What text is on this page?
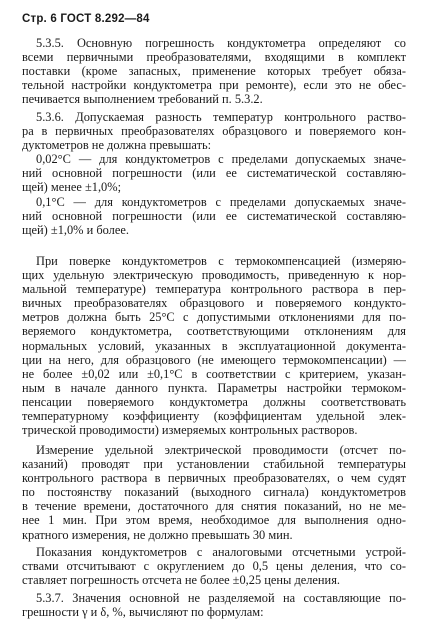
Стр. 6 ГОСТ 8.292—84
5.3.5. Основную погрешность кондуктометра определяют со
всеми первичными преобразователями, входящими в комплект
поставки (кроме запасных, применение которых требует обяза-
тельной настройки кондуктометра при ремонте), если это не обес-
печивается выполнением требований п. 5.3.2.
5.3.6. Допускаемая разность температур контрольного раство-
ра в первичных преобразователях образцового и поверяемого кон-
дуктометров не должна превышать:
0,02°С — для кондуктометров с пределами допускаемых значе-
ний основной погрешности (или ее систематической составляю-
щей) менее ±1,0%;
0,1°С — для кондуктометров с пределами допускаемых значе-
ний основной погрешности (или ее систематической составляю-
щей) ±1,0% и более.
При поверке кондуктометров с термокомпенсацией (измеряю-
щих удельную электрическую проводимость, приведенную к нор-
мальной температуре) температура контрольного раствора в пер-
вичных преобразователях образцового и поверяемого кондукто-
метров должна быть 25°С с допустимыми отклонениями для по-
веряемого кондуктометра, соответствующими отклонениям для
нормальных условий, указанных в эксплуатационной документа-
ции на него, для образцового (не имеющего термокомпенсации) —
не более ±0,02 или ±0,1°С в соответствии с критерием, указан-
ным в начале данного пункта. Параметры настройки термоком-
пенсации поверяемого кондуктометра должны соответствовать
температурному коэффициенту (коэффициентам удельной элек-
трической проводимости) измеряемых контрольных растворов.
Измерение удельной электрической проводимости (отсчет по-
казаний) проводят при установлении стабильной температуры
контрольного раствора в первичных преобразователях, о чем судят
по постоянству показаний (выходного сигнала) кондуктометров
в течение времени, достаточного для снятия показаний, но не ме-
нее 1 мин. При этом время, необходимое для выполнения одно-
кратного измерения, не должно превышать 30 мин.
Показания кондуктометров с аналоговыми отсчетными устрой-
ствами отсчитывают с округлением до 0,5 цены деления, что со-
ставляет погрешность отсчета не более ±0,25 цены деления.
5.3.7. Значения основной не разделяемой на составляющие по-
грешности γ и δ, %, вычисляют по формулам:
